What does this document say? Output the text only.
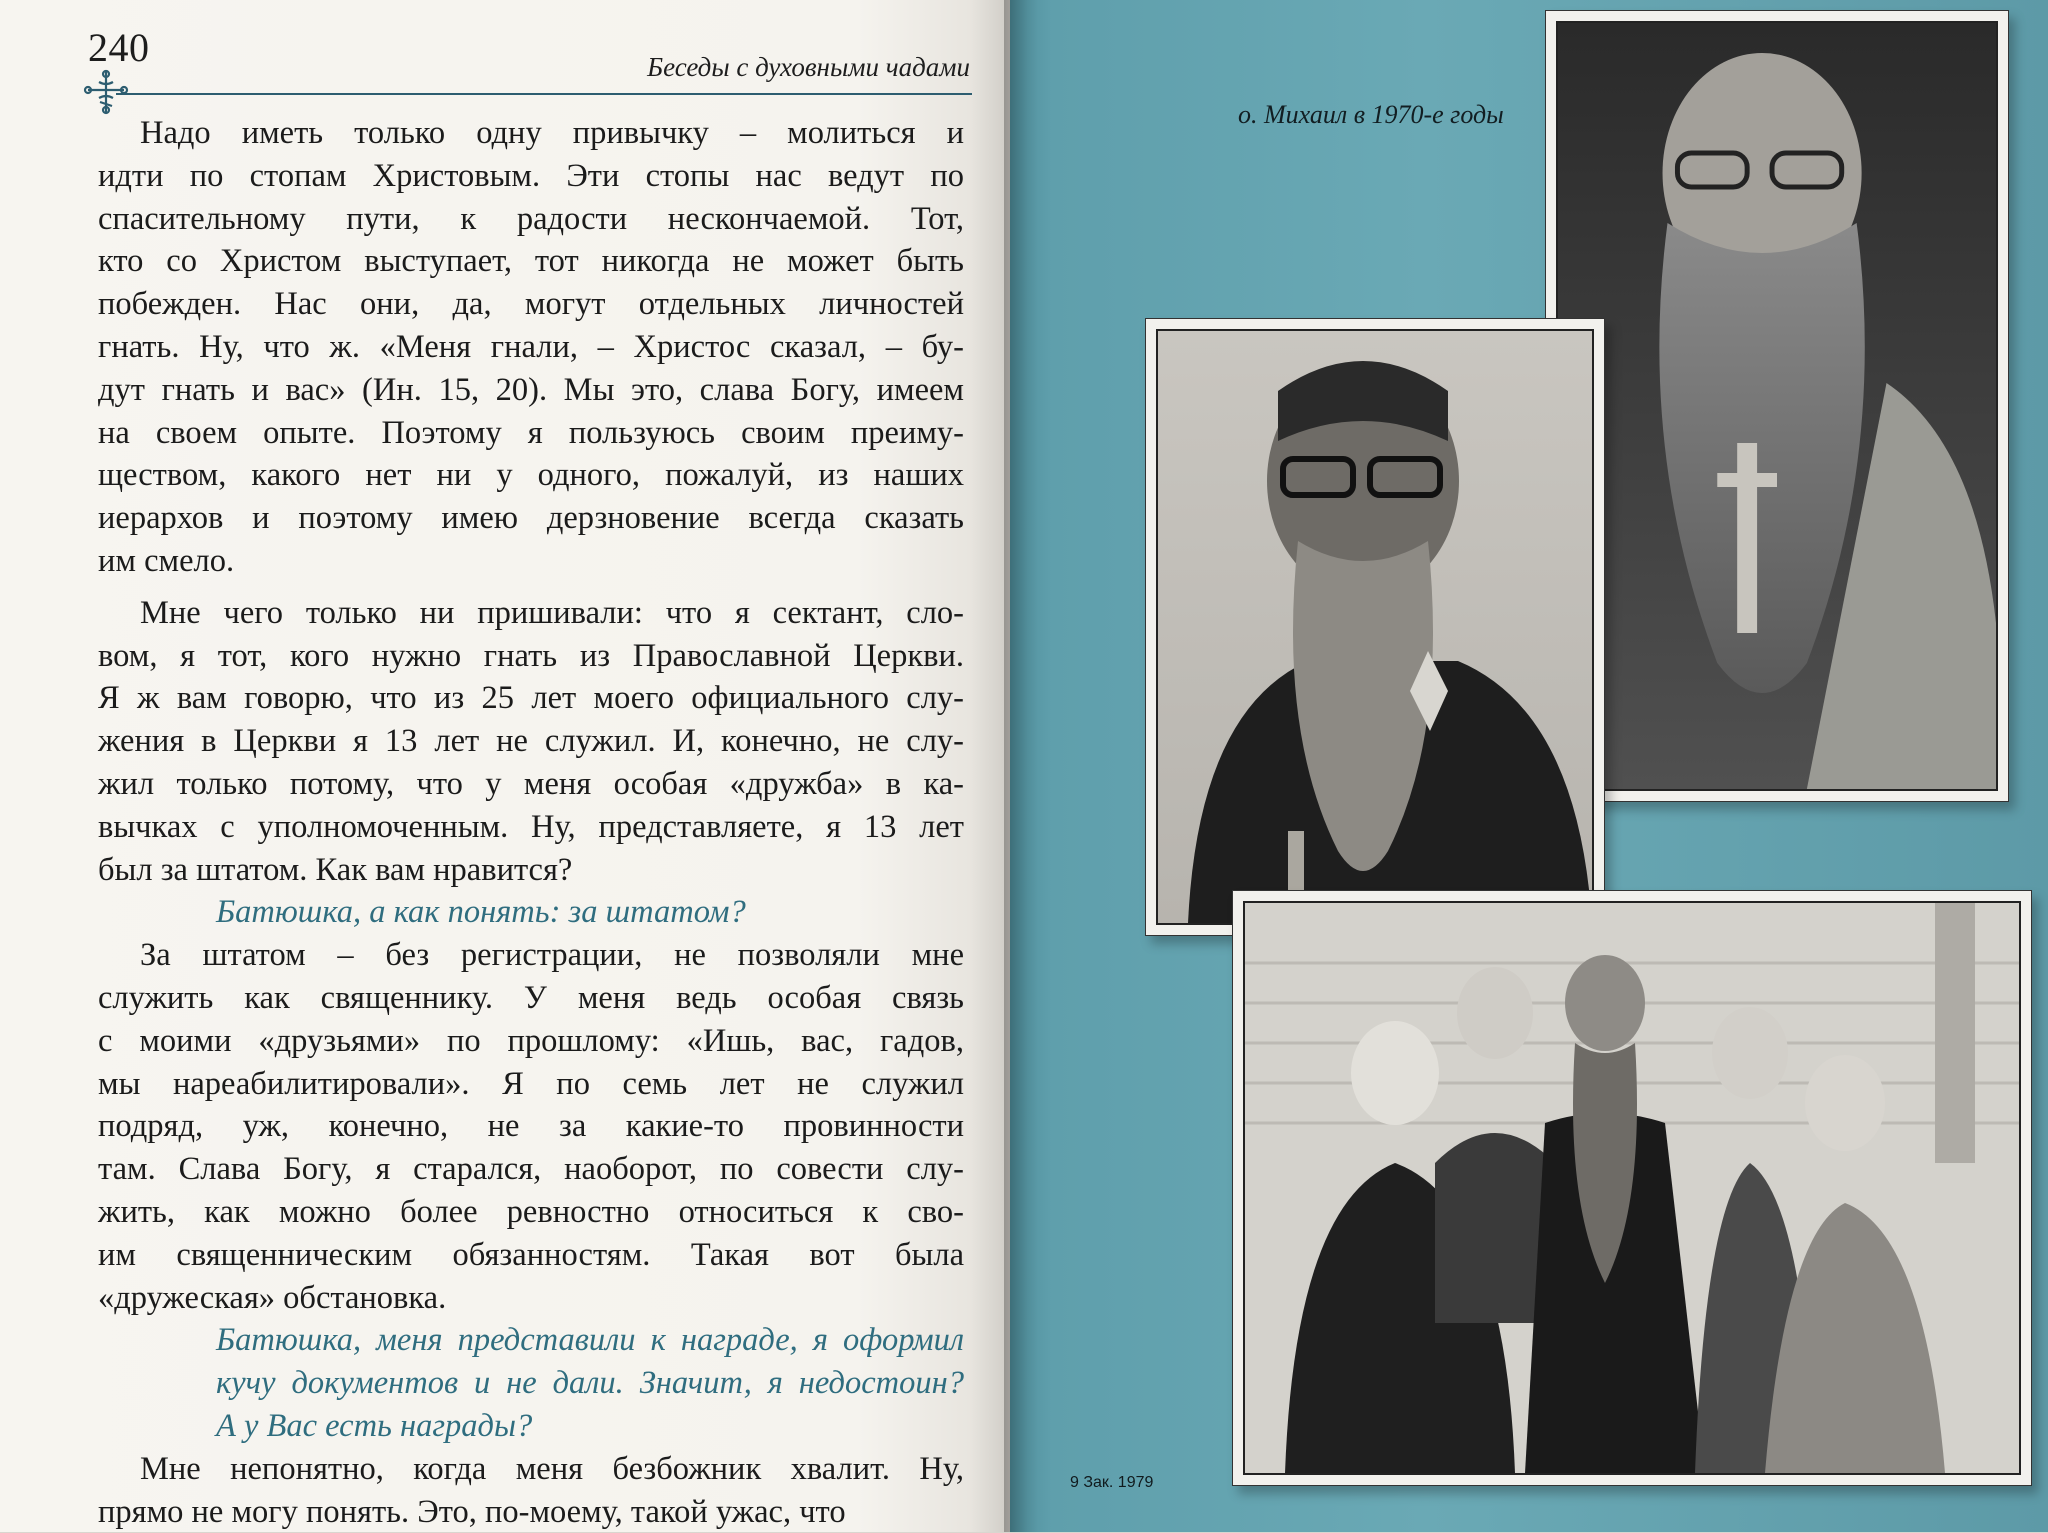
240	Беседы с духовными чадами
Надо иметь только одну привычку – молиться и
идти по стопам Христовым. Эти стопы нас ведут по
спасительному пути, к радости нескончаемой. Тот,
кто со Христом выступает, тот никогда не может быть
побежден. Нас они, да, могут отдельных личностей
гнать. Ну, что ж. «Меня гнали, – Христос сказал, – бу-
дут гнать и вас» (Ин. 15, 20). Мы это, слава Богу, имеем
на своем опыте. Поэтому я пользуюсь своим преиму-
ществом, какого нет ни у одного, пожалуй, из наших
иерархов и поэтому имею дерзновение всегда сказать
им смело.
Мне чего только ни пришивали: что я сектант, сло-
вом, я тот, кого нужно гнать из Православной Церкви.
Я ж вам говорю, что из 25 лет моего официального слу-
жения в Церкви я 13 лет не служил. И, конечно, не слу-
жил только потому, что у меня особая «дружба» в ка-
вычках с уполномоченным. Ну, представляете, я 13 лет
был за штатом. Как вам нравится?
Батюшка, а как понять: за штатом?
За штатом – без регистрации, не позволяли мне
служить как священнику. У меня ведь особая связь
с моими «друзьями» по прошлому: «Ишь, вас, гадов,
мы нареабилитировали». Я по семь лет не служил
подряд, уж, конечно, не за какие-то провинности
там. Слава Богу, я старался, наоборот, по совести слу-
жить, как можно более ревностно относиться к сво-
им священническим обязанностям. Такая вот была
«дружеская» обстановка.
Батюшка, меня представили к награде, я оформил
кучу документов и не дали. Значит, я недостоин?
А у Вас есть награды?
Мне непонятно, когда меня безбожник хвалит. Ну,
прямо не могу понять. Это, по-моему, такой ужас, что
о. Михаил в 1970-е годы
9 Зак. 1979
